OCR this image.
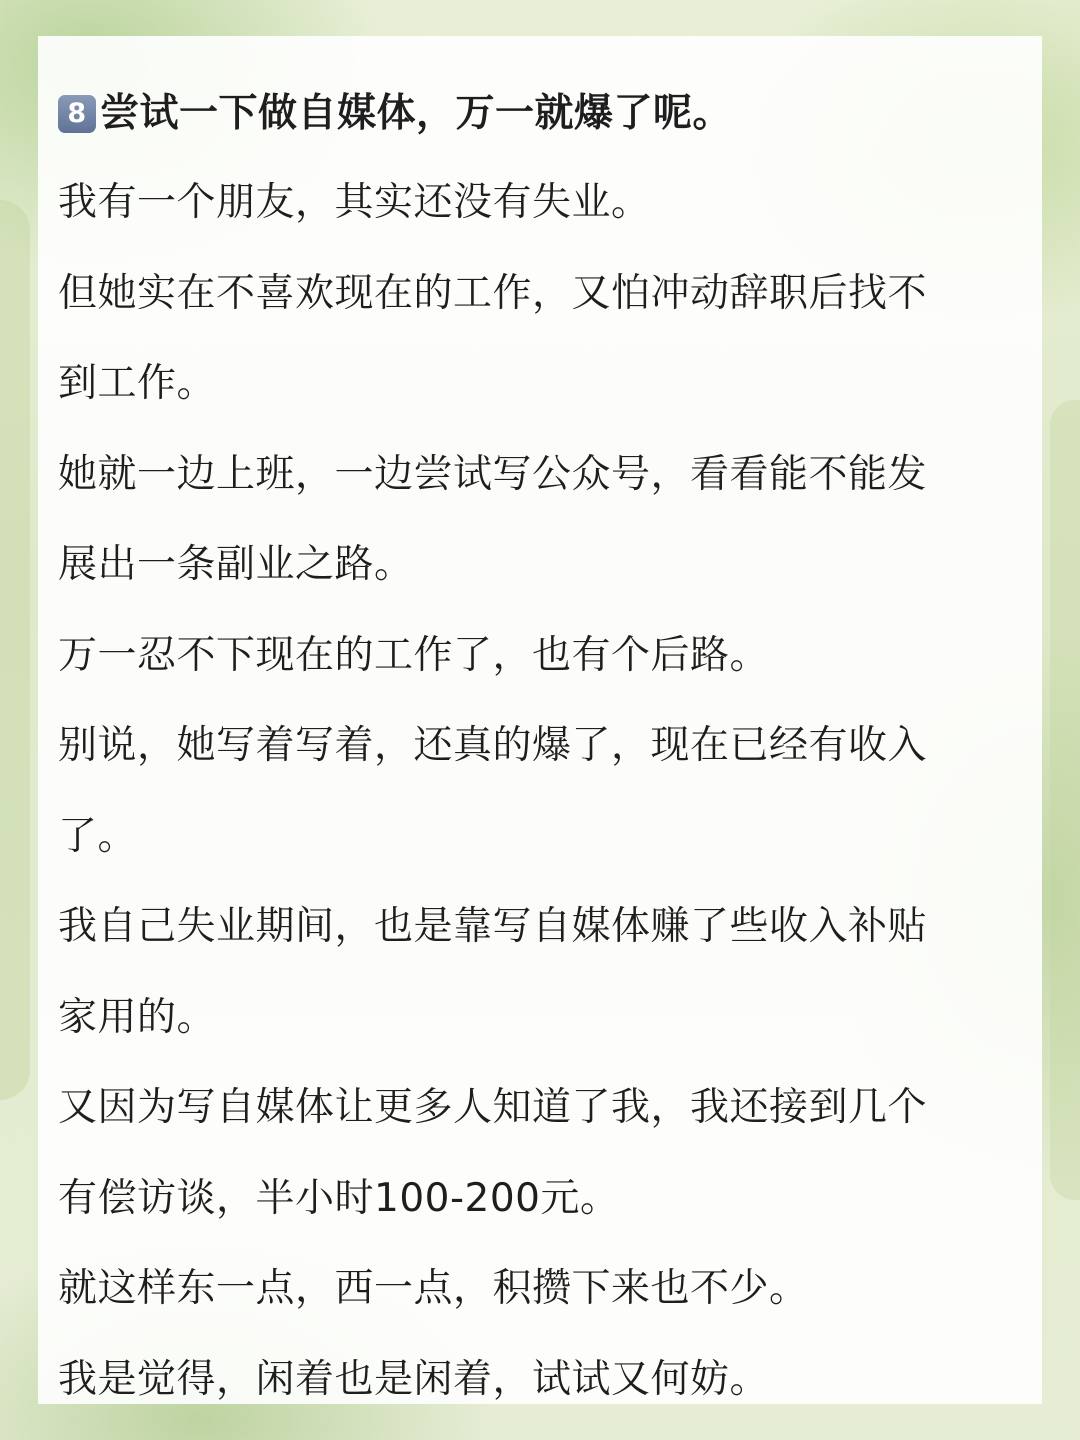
8 尝试一下做自媒体，万一就爆了呢。

我有一个朋友，其实还没有失业。

但她实在不喜欢现在的工作，又怕冲动辞职后找不

到工作。

她就一边上班，一边尝试写公众号，看看能不能发

展出一条副业之路。

万一忍不下现在的工作了，也有个后路。

别说，她写着写着，还真的爆了，现在已经有收入

了。

我自己失业期间，也是靠写自媒体赚了些收入补贴

家用的。

又因为写自媒体让更多人知道了我，我还接到几个

有偿访谈，半小时100-200元。

就这样东一点，西一点，积攒下来也不少。

我是觉得，闲着也是闲着，试试又何妨。
